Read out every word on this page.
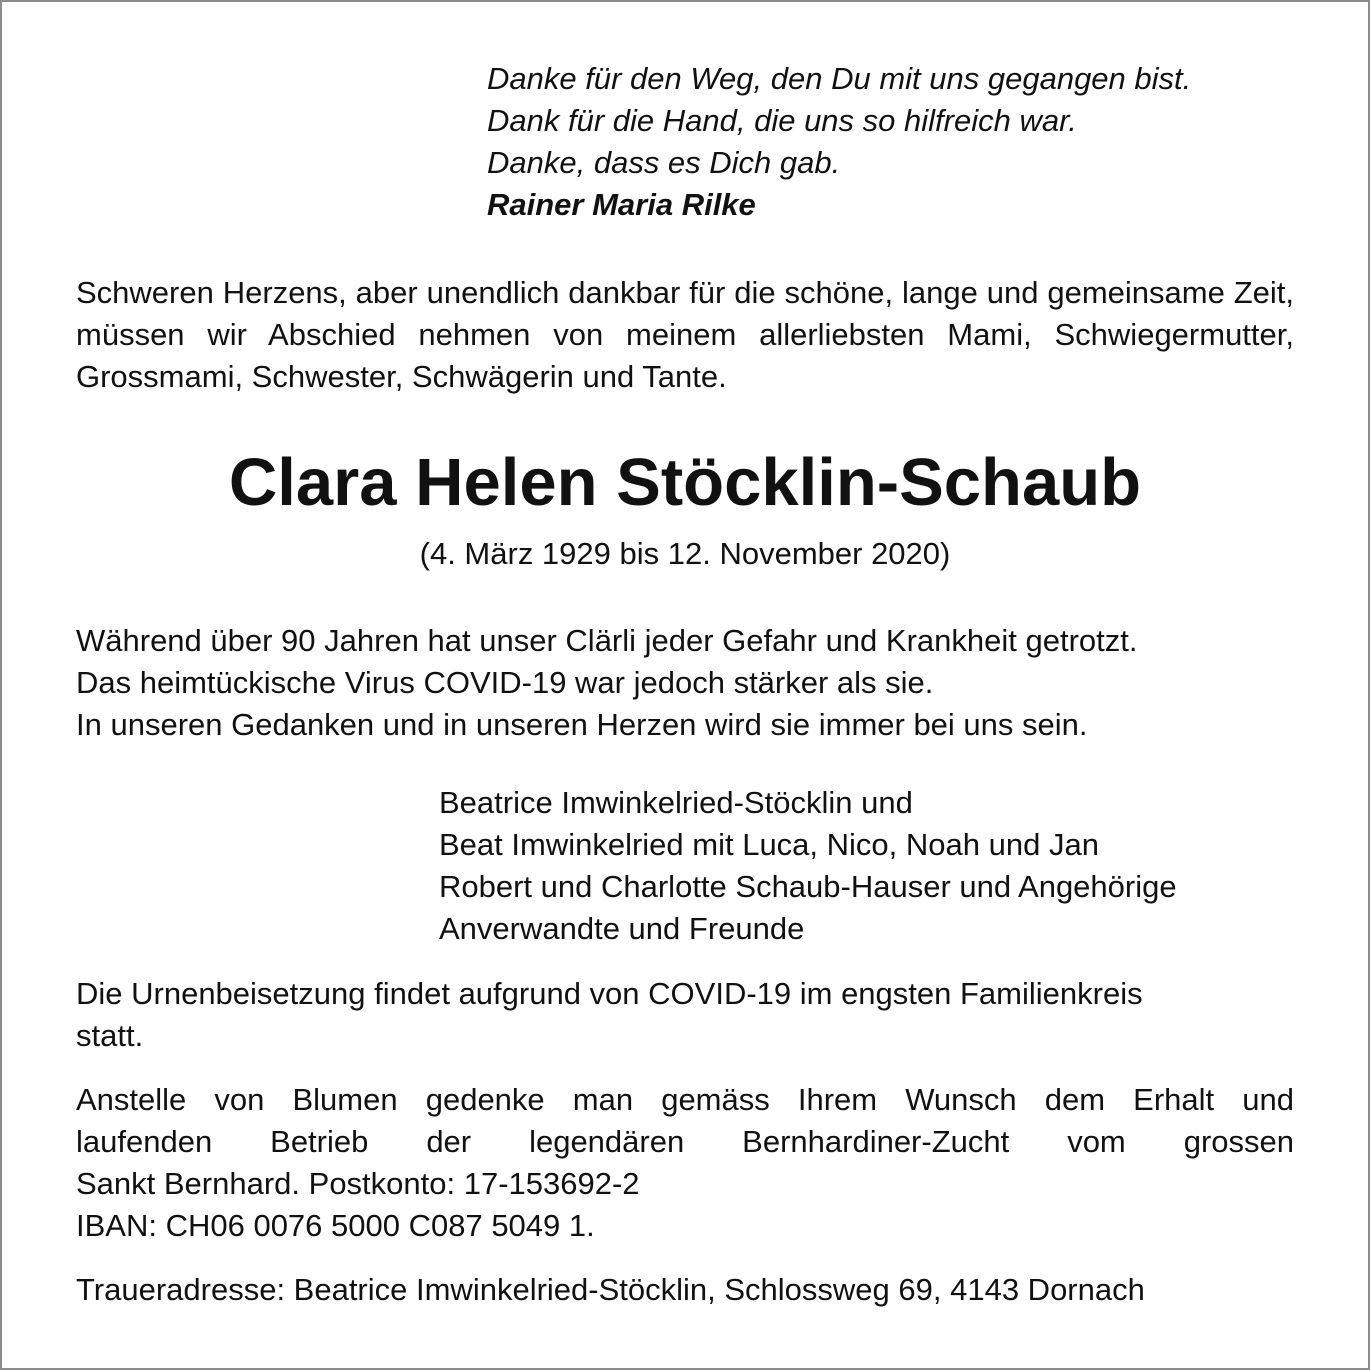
Danke für den Weg, den Du mit uns gegangen bist.
Dank für die Hand, die uns so hilfreich war.
Danke, dass es Dich gab.
Rainer Maria Rilke
Schweren Herzens, aber unendlich dankbar für die schöne, lange und gemeinsame Zeit, müssen wir Abschied nehmen von meinem allerliebsten Mami, Schwiegermutter, Grossmami, Schwester, Schwägerin und Tante.
Clara Helen Stöcklin-Schaub
(4. März 1929 bis 12. November 2020)
Während über 90 Jahren hat unser Clärli jeder Gefahr und Krankheit getrotzt.
Das heimtückische Virus COVID-19 war jedoch stärker als sie.
In unseren Gedanken und in unseren Herzen wird sie immer bei uns sein.
Beatrice Imwinkelried-Stöcklin und
Beat Imwinkelried mit Luca, Nico, Noah und Jan
Robert und Charlotte Schaub-Hauser und Angehörige
Anverwandte und Freunde
Die Urnenbeisetzung findet aufgrund von COVID-19 im engsten Familienkreis
statt.
Anstelle von Blumen gedenke man gemäss Ihrem Wunsch dem Erhalt und
laufenden Betrieb der legendären Bernhardiner-Zucht vom grossen
Sankt Bernhard. Postkonto: 17-153692-2
IBAN: CH06 0076 5000 C087 5049 1.
Traueradresse: Beatrice Imwinkelried-Stöcklin, Schlossweg 69, 4143 Dornach
